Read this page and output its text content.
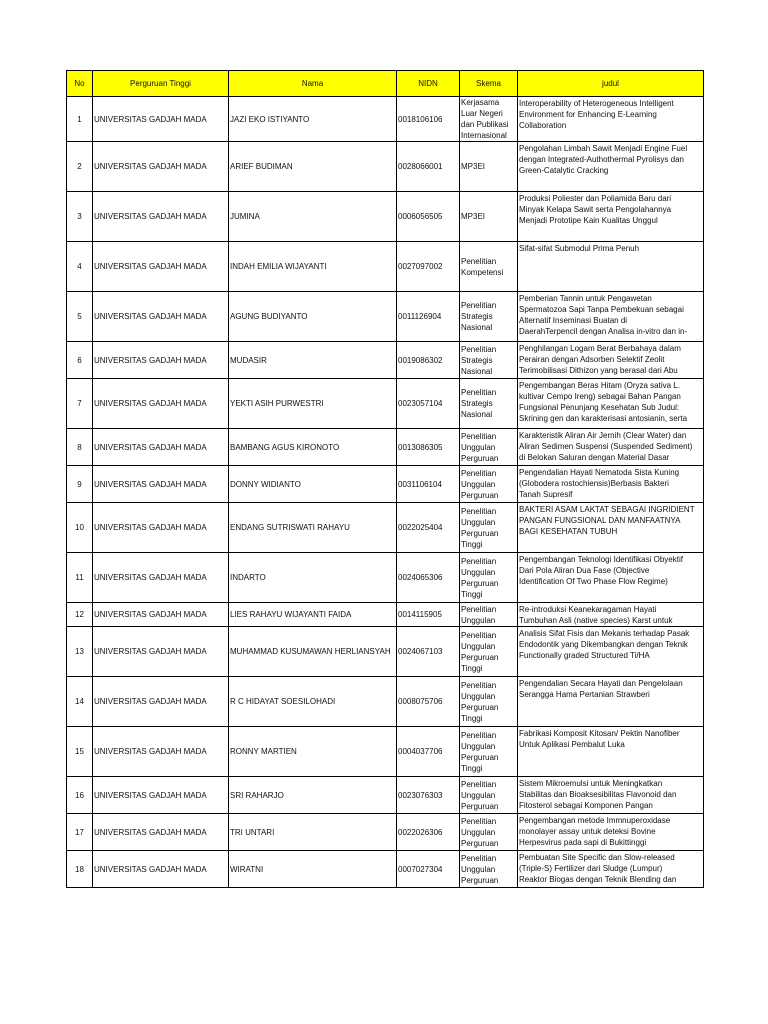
No	Perguruan Tinggi	Nama	NIDN	Skema	judul
1	UNIVERSITAS GADJAH MADA	JAZI EKO ISTIYANTO	0018106106	
Kerjasama
Luar Negeri
dan Publikasi
Internasional

Interoperability of Heterogeneous Intelligent
Environment for Enhancing E-Learning
Collaboration

2	UNIVERSITAS GADJAH MADA	ARIEF BUDIMAN	0028066001	MP3EI

Pengolahan Limbah Sawit Menjadi Engine Fuel
dengan Integrated-Authothermal Pyrolisys dan
Green-Catalytic Cracking

3	UNIVERSITAS GADJAH MADA	JUMINA	0006056505	MP3EI

Produksi Poliester dan Poliamida Baru dari
Minyak Kelapa Sawit serta Pengolahannya
Menjadi Prototipe Kain Kualitas Unggul

4	UNIVERSITAS GADJAH MADA	INDAH EMILIA WIJAYANTI	0027097002	
Penelitian
Kompetensi

Sifat-sifat Submodul Prima Penuh

5	UNIVERSITAS GADJAH MADA	AGUNG BUDIYANTO	0011126904	
Penelitian
Strategis
Nasional

Pemberian Tannin untuk Pengawetan
Spermatozoa Sapi Tanpa Pembekuan sebagai
Alternatif Inseminasi Buatan di
DaerahTerpencil dengan Analisa in-vitro dan in-

6	UNIVERSITAS GADJAH MADA	MUDASIR	0019086302	
Penelitian
Strategis
Nasional

Penghilangan Logam Berat Berbahaya dalam
Perairan dengan Adsorben Selektif Zeolit
Terimobilisasi Dithizon yang berasal dari Abu

7	UNIVERSITAS GADJAH MADA	YEKTI ASIH PURWESTRI	0023057104	
Penelitian
Strategis
Nasional

Pengembangan Beras Hitam (Oryza sativa L.
kultivar Cempo Ireng) sebagai Bahan Pangan
Fungsional Penunjang Kesehatan Sub Judul:
Skrining gen dan karakterisasi antosianin, serta

8	UNIVERSITAS GADJAH MADA	BAMBANG AGUS KIRONOTO	0013086305	
Penelitian
Unggulan
Perguruan

Karakteristik Aliran Air Jernih (Clear Water) dan
Aliran Sedimen Suspensi (Suspended Sediment)
di Belokan Saluran dengan Material Dasar

9	UNIVERSITAS GADJAH MADA	DONNY WIDIANTO	0031106104	
Penelitian
Unggulan
Perguruan

Pengendalian Hayati Nematoda Sista Kuning
(Globodera rostochiensis)Berbasis Bakteri
Tanah Supresif

10	UNIVERSITAS GADJAH MADA	ENDANG SUTRISWATI RAHAYU	0022025404	
Penelitian
Unggulan
Perguruan
Tinggi

BAKTERI ASAM LAKTAT SEBAGAI INGRIDIENT
PANGAN FUNGSIONAL DAN MANFAATNYA
BAGI KESEHATAN TUBUH

11	UNIVERSITAS GADJAH MADA	INDARTO	0024065306	
Penelitian
Unggulan
Perguruan
Tinggi

Pengembangan Teknologi Identifikasi Obyektif
Dari Pola Aliran Dua Fase (Objective
Identification Of Two Phase Flow Regime)

12	UNIVERSITAS GADJAH MADA	LIES RAHAYU WIJAYANTI FAIDA	0014115905	
Penelitian
Unggulan

Re-introduksi Keanekaragaman Hayati
Tumbuhan Asli (native species) Karst untuk

13	UNIVERSITAS GADJAH MADA	MUHAMMAD KUSUMAWAN HERLIANSYAH	0024067103	
Penelitian
Unggulan
Perguruan
Tinggi

Analisis Sifat Fisis dan Mekanis terhadap Pasak
Endodontik yang Dikembangkan dengan Teknik
Functionally graded Structured Ti/HA

14	UNIVERSITAS GADJAH MADA	R C HIDAYAT SOESILOHADI	0008075706	
Penelitian
Unggulan
Perguruan
Tinggi

Pengendalian Secara Hayati dan Pengelolaan
Serangga Hama Pertanian Strawberi

15	UNIVERSITAS GADJAH MADA	RONNY MARTIEN	0004037706	
Penelitian
Unggulan
Perguruan
Tinggi

Fabrikasi Komposit Kitosan/ Pektin Nanofiber
Untuk Aplikasi Pembalut Luka

16	UNIVERSITAS GADJAH MADA	SRI RAHARJO	0023076303	
Penelitian
Unggulan
Perguruan

Sistem Mikroemulsi untuk Meningkatkan
Stabilitas dan Bioaksesibilitas Flavonoid dan
Fitosterol sebagai Komponen Pangan

17	UNIVERSITAS GADJAH MADA	TRI UNTARI	0022026306	
Penelitian
Unggulan
Perguruan

Pengembangan metode Immnuperoxidase
monolayer assay untuk deteksi Bovine
Herpesvirus pada sapi di Bukittinggi

18	UNIVERSITAS GADJAH MADA	WIRATNI	0007027304	
Penelitian
Unggulan
Perguruan

Pembuatan Site Specific dan Slow-released
(Triple-S) Fertilizer dari Sludge (Lumpur)
Reaktor Biogas dengan Teknik Blending dan
